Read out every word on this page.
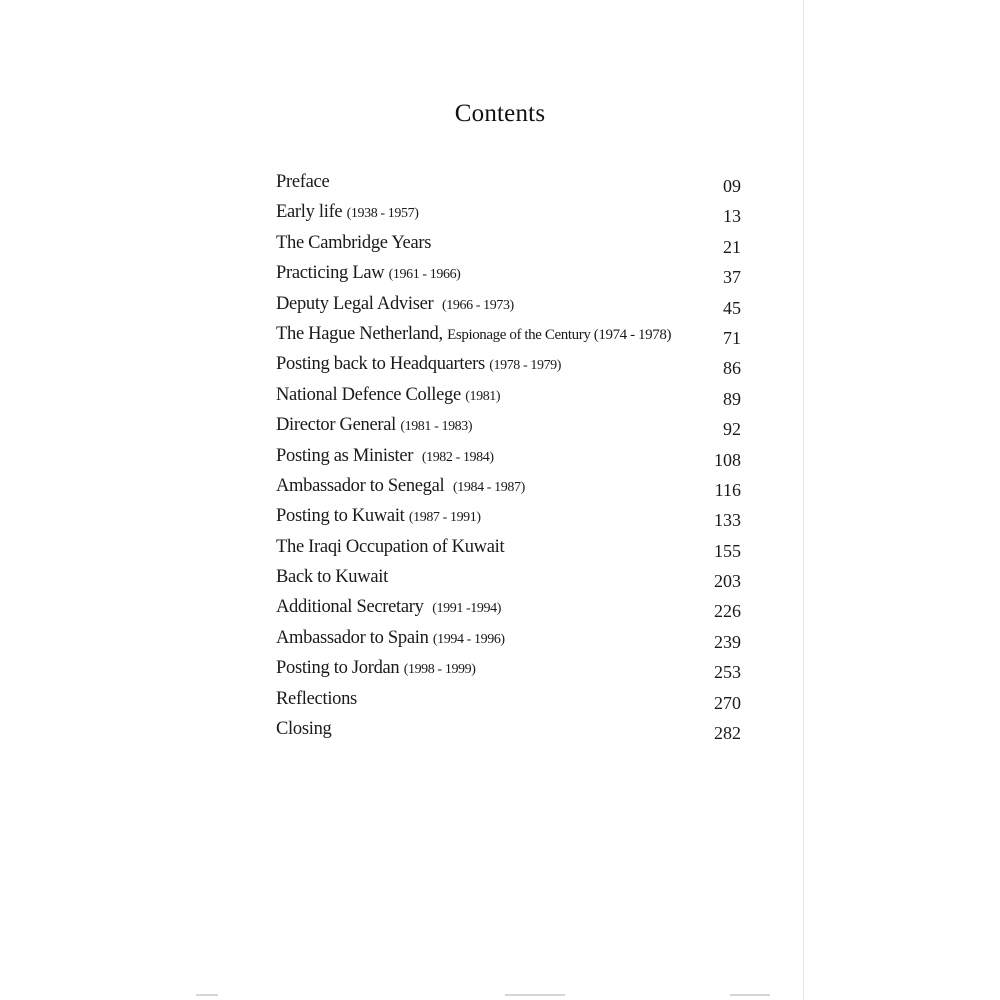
Contents
Preface	09
Early life (1938 - 1957)	13
The Cambridge Years	21
Practicing Law (1961 - 1966)	37
Deputy Legal Adviser (1966 - 1973)	45
The Hague Netherland, Espionage of the Century (1974 - 1978)	71
Posting back to Headquarters (1978 - 1979)	86
National Defence College (1981)	89
Director General (1981 - 1983)	92
Posting as Minister (1982 - 1984)	108
Ambassador to Senegal (1984 - 1987)	116
Posting to Kuwait (1987 - 1991)	133
The Iraqi Occupation of Kuwait	155
Back to Kuwait	203
Additional Secretary (1991 -1994)	226
Ambassador to Spain (1994 - 1996)	239
Posting to Jordan (1998 - 1999)	253
Reflections	270
Closing	282
